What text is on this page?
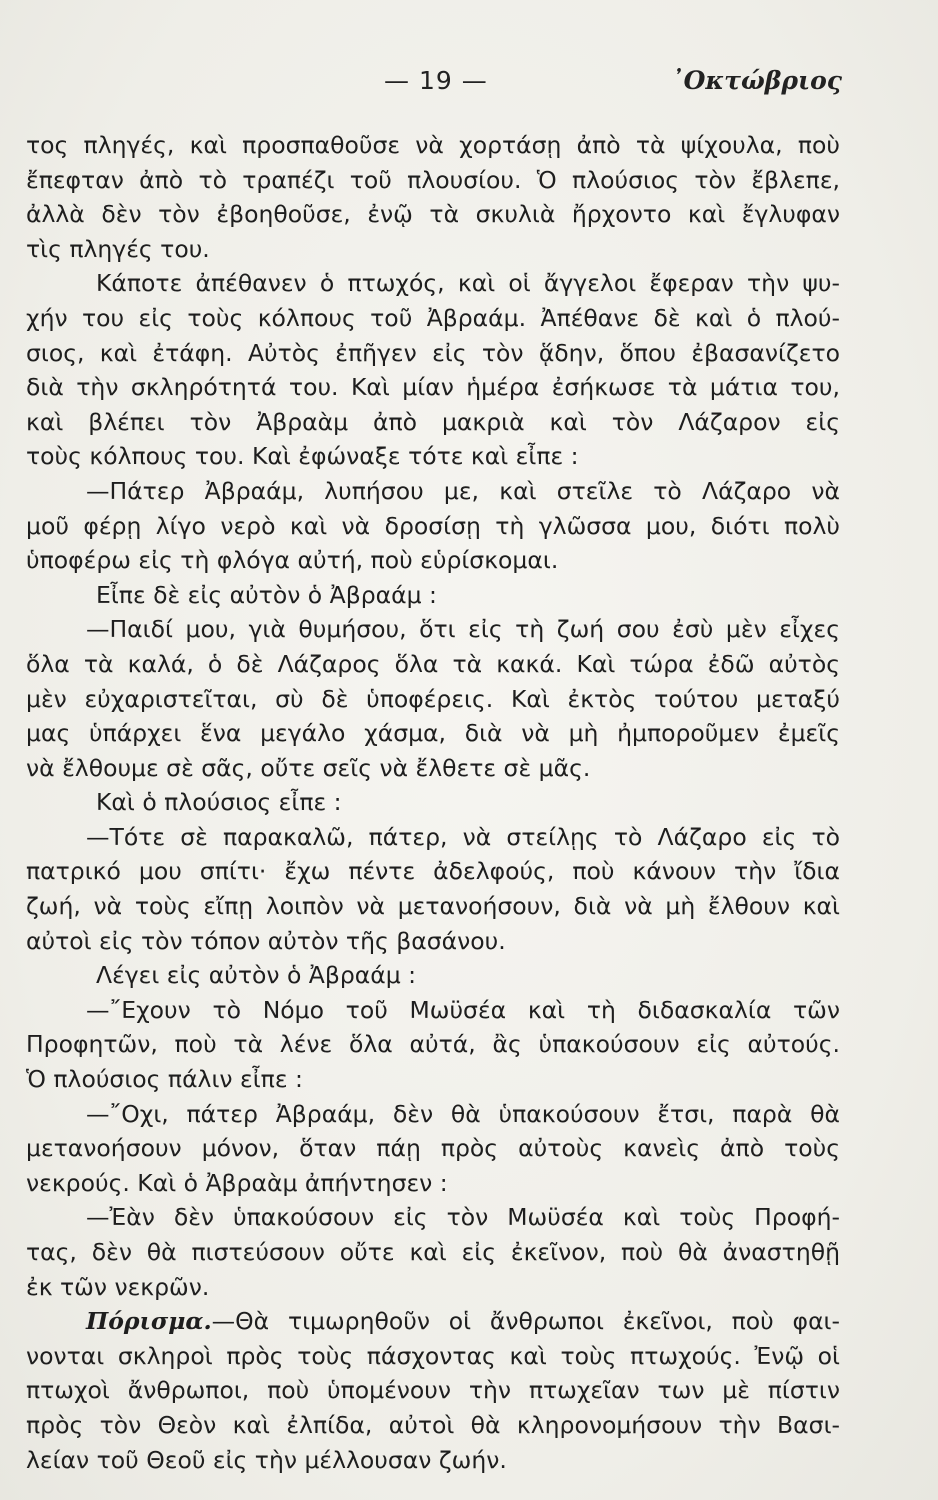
— 19 —	᾿Οκτώβριος
τος πληγές, καὶ προσπαθοῦσε νὰ χορτάσῃ ἀπὸ τὰ ψίχουλα, ποὺ
ἔπεφταν ἀπὸ τὸ τραπέζι τοῦ πλουσίου. Ὁ πλούσιος τὸν ἔβλεπε,
ἀλλὰ δὲν τὸν ἐβοηθοῦσε, ἐνῷ τὰ σκυλιὰ ἤρχοντο καὶ ἔγλυφαν
τὶς πληγές του.
Κάποτε ἀπέθανεν ὁ πτωχός, καὶ οἱ ἄγγελοι ἔφεραν τὴν ψυ-
χήν του εἰς τοὺς κόλπους τοῦ Ἀβραάμ. Ἀπέθανε δὲ καὶ ὁ πλού-
σιος, καὶ ἐτάφη. Αὐτὸς ἐπῆγεν εἰς τὸν ᾅδην, ὅπου ἐβασανίζετο
διὰ τὴν σκληρότητά του. Καὶ μίαν ἡμέρα ἐσήκωσε τὰ μάτια του,
καὶ βλέπει τὸν Ἀβραὰμ ἀπὸ μακριὰ καὶ τὸν Λάζαρον εἰς
τοὺς κόλπους του. Καὶ ἐφώναξε τότε καὶ εἶπε :
—Πάτερ Ἀβραάμ, λυπήσου με, καὶ στεῖλε τὸ Λάζαρο νὰ
μοῦ φέρῃ λίγο νερὸ καὶ νὰ δροσίσῃ τὴ γλῶσσα μου, διότι πολὺ
ὑποφέρω εἰς τὴ φλόγα αὐτή, ποὺ εὑρίσκομαι.
Εἶπε δὲ εἰς αὐτὸν ὁ Ἀβραάμ :
—Παιδί μου, γιὰ θυμήσου, ὅτι εἰς τὴ ζωή σου ἐσὺ μὲν εἶχες
ὅλα τὰ καλά, ὁ δὲ Λάζαρος ὅλα τὰ κακά. Καὶ τώρα ἐδῶ αὐτὸς
μὲν εὐχαριστεῖται, σὺ δὲ ὑποφέρεις. Καὶ ἐκτὸς τούτου μεταξύ
μας ὑπάρχει ἕνα μεγάλο χάσμα, διὰ νὰ μὴ ἠμποροῦμεν ἐμεῖς
νὰ ἔλθουμε σὲ σᾶς, οὔτε σεῖς νὰ ἔλθετε σὲ μᾶς.
Καὶ ὁ πλούσιος εἶπε :
—Τότε σὲ παρακαλῶ, πάτερ, νὰ στείλῃς τὸ Λάζαρο εἰς τὸ
πατρικό μου σπίτι· ἔχω πέντε ἀδελφούς, ποὺ κάνουν τὴν ἴδια
ζωή, νὰ τοὺς εἴπῃ λοιπὸν νὰ μετανοήσουν, διὰ νὰ μὴ ἔλθουν καὶ
αὐτοὶ εἰς τὸν τόπον αὐτὸν τῆς βασάνου.
Λέγει εἰς αὐτὸν ὁ Ἀβραάμ :
—῎Εχουν τὸ Νόμο τοῦ Μωϋσέα καὶ τὴ διδασκαλία τῶν
Προφητῶν, ποὺ τὰ λένε ὅλα αὐτά, ἂς ὑπακούσουν εἰς αὐτούς.
Ὁ πλούσιος πάλιν εἶπε :
—῎Οχι, πάτερ Ἀβραάμ, δὲν θὰ ὑπακούσουν ἔτσι, παρὰ θὰ
μετανοήσουν μόνον, ὅταν πάῃ πρὸς αὐτοὺς κανεὶς ἀπὸ τοὺς
νεκρούς. Καὶ ὁ Ἀβραὰμ ἀπήντησεν :
—Ἐὰν δὲν ὑπακούσουν εἰς τὸν Μωϋσέα καὶ τοὺς Προφή-
τας, δὲν θὰ πιστεύσουν οὔτε καὶ εἰς ἐκεῖνον, ποὺ θὰ ἀναστηθῇ
ἐκ τῶν νεκρῶν.
Πόρισμα.—Θὰ τιμωρηθοῦν οἱ ἄνθρωποι ἐκεῖνοι, ποὺ φαι-
νονται σκληροὶ πρὸς τοὺς πάσχοντας καὶ τοὺς πτωχούς. Ἐνῷ οἱ
πτωχοὶ ἄνθρωποι, ποὺ ὑπομένουν τὴν πτωχεῖαν των μὲ πίστιν
πρὸς τὸν Θεὸν καὶ ἐλπίδα, αὐτοὶ θὰ κληρονομήσουν τὴν Βασι-
λείαν τοῦ Θεοῦ εἰς τὴν μέλλουσαν ζωήν.
